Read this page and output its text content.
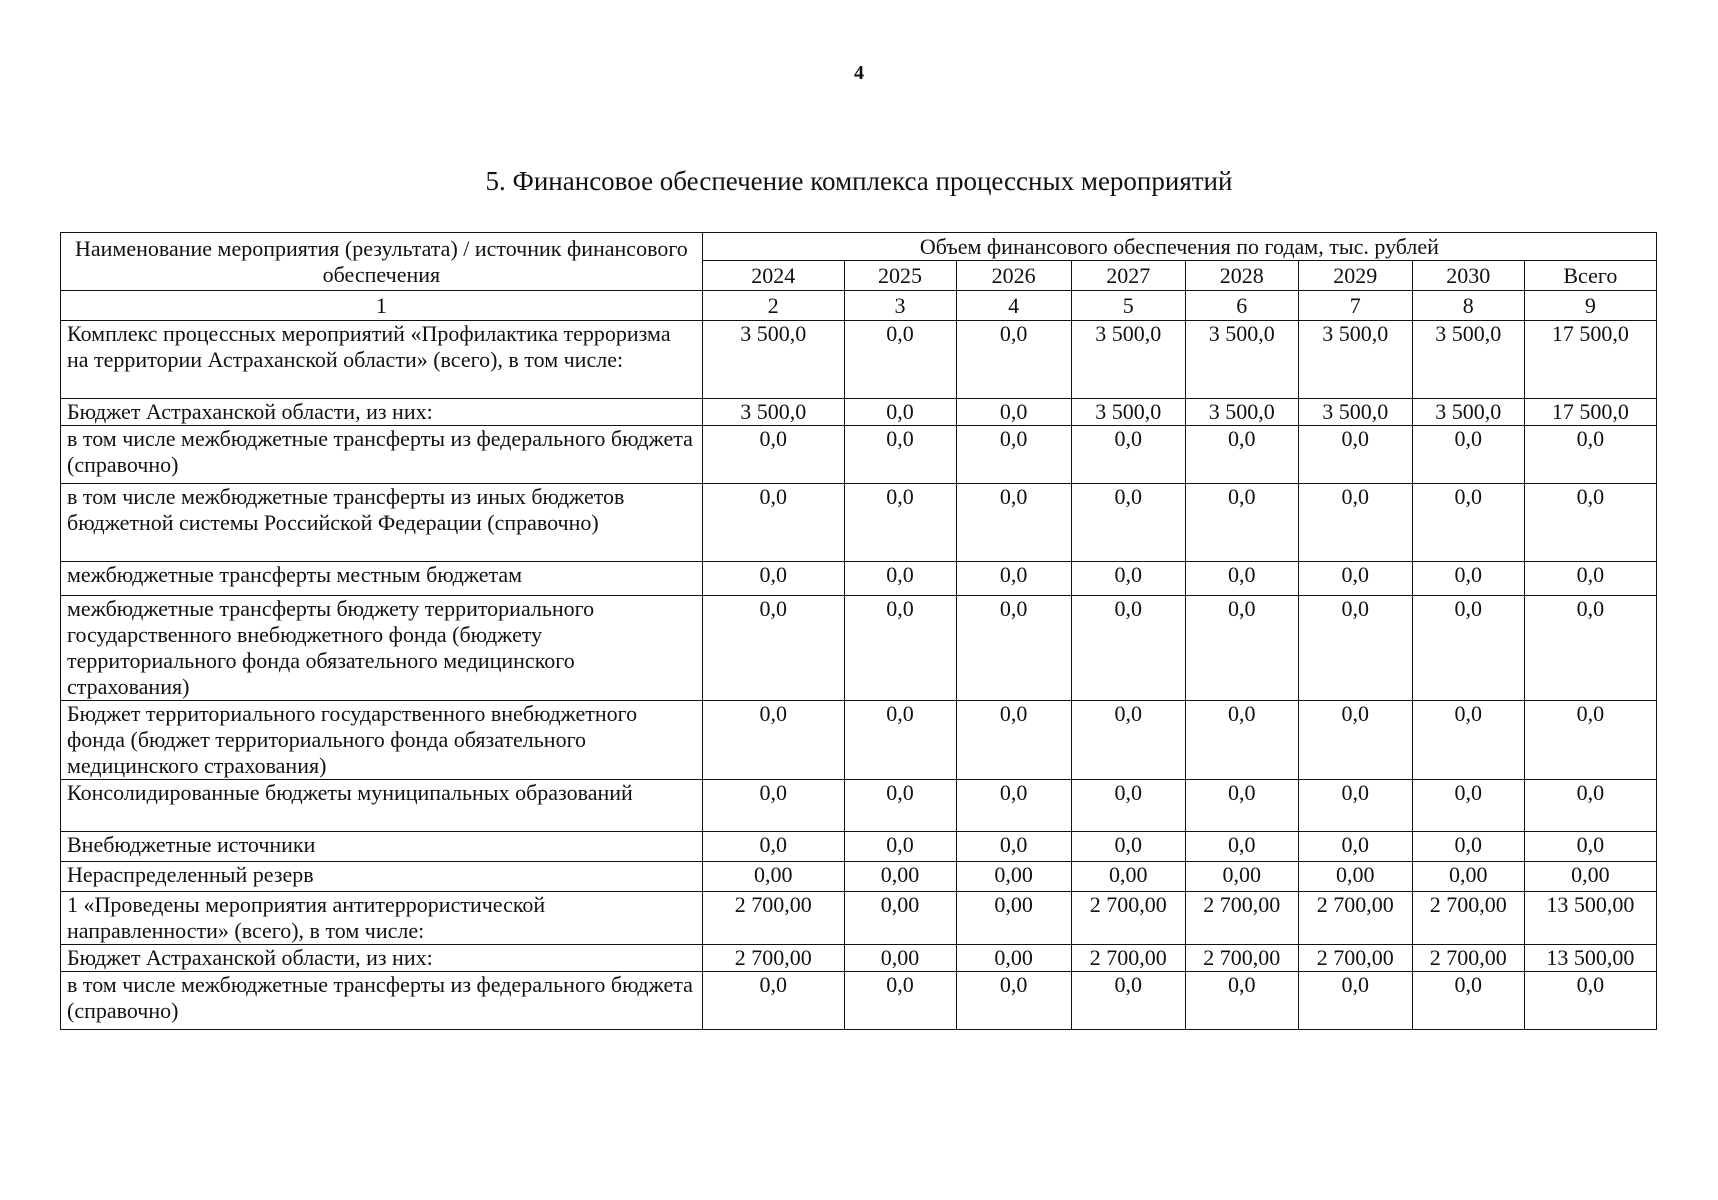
4
5. Финансовое обеспечение комплекса процессных мероприятий
Наименование мероприятия (результата) / источник финансового обеспечения	Объем финансового обеспечения по годам, тыс. рублей							
	2024	2025	2026	2027	2028	2029	2030	Всего
1	2	3	4	5	6	7	8	9
Комплекс процессных мероприятий «Профилактика терроризма на территории Астраханской области» (всего), в том числе:	3 500,0	0,0	0,0	3 500,0	3 500,0	3 500,0	3 500,0	17 500,0
Бюджет Астраханской области, из них:	3 500,0	0,0	0,0	3 500,0	3 500,0	3 500,0	3 500,0	17 500,0
в том числе межбюджетные трансферты из федерального бюджета (справочно)	0,0	0,0	0,0	0,0	0,0	0,0	0,0	0,0
в том числе межбюджетные трансферты из иных бюджетов бюджетной системы Российской Федерации (справочно)	0,0	0,0	0,0	0,0	0,0	0,0	0,0	0,0
межбюджетные трансферты местным бюджетам	0,0	0,0	0,0	0,0	0,0	0,0	0,0	0,0
межбюджетные трансферты бюджету территориального государственного внебюджетного фонда (бюджету территориального фонда обязательного медицинского страхования)	0,0	0,0	0,0	0,0	0,0	0,0	0,0	0,0
Бюджет территориального государственного внебюджетного фонда (бюджет территориального фонда обязательного медицинского страхования)	0,0	0,0	0,0	0,0	0,0	0,0	0,0	0,0
Консолидированные бюджеты муниципальных образований	0,0	0,0	0,0	0,0	0,0	0,0	0,0	0,0
Внебюджетные источники	0,0	0,0	0,0	0,0	0,0	0,0	0,0	0,0
Нераспределенный резерв	0,00	0,00	0,00	0,00	0,00	0,00	0,00	0,00
1 «Проведены мероприятия антитеррористической направленности» (всего), в том числе:	2 700,00	0,00	0,00	2 700,00	2 700,00	2 700,00	2 700,00	13 500,00
Бюджет Астраханской области, из них:	2 700,00	0,00	0,00	2 700,00	2 700,00	2 700,00	2 700,00	13 500,00
в том числе межбюджетные трансферты из федерального бюджета (справочно)	0,0	0,0	0,0	0,0	0,0	0,0	0,0	0,0
